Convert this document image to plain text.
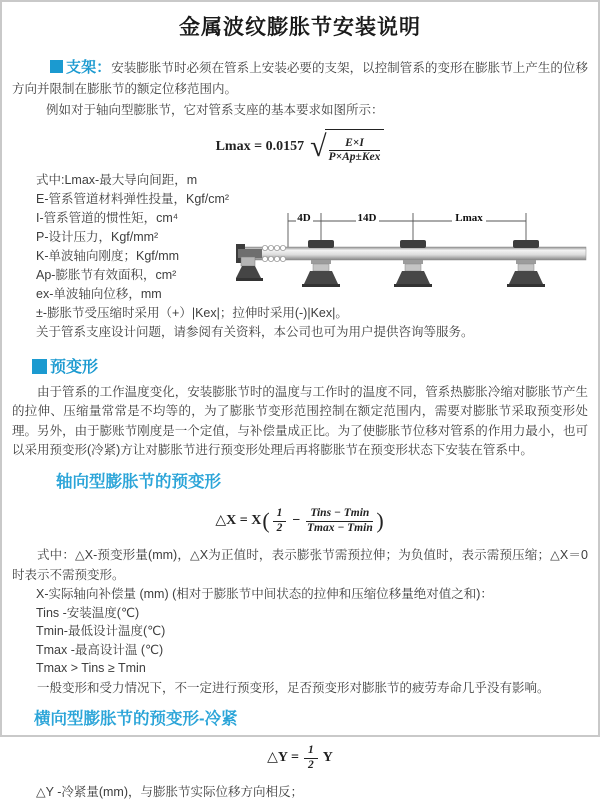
金属波纹膨胀节安装说明
支架：安装膨胀节时必须在管系上安装必要的支架，以控制管系的变形在膨胀节上产生的位移方向并限制在膨胀节的额定位移范围内。
例如对于轴向型膨胀节，它对管系支座的基本要求如图所示：
Lmax = 0.0157 √ $\frac{E\times I}{\text{P×Ap±Kex}}$
式中:Lmax-最大导向间距，m
E-管系管道材料弹性投量，Kgf/cm²
I-管系管道的惯性矩，cm⁴
P-设计压力，Kgf/mm²
K-单波轴向刚度；Kgf/mm
Ap-膨胀节有效面积，cm²
ex-单波轴向位移，mm
4D	14D	Lmax
±-膨胀节受压缩时采用（+）|Kex|；拉伸时采用(-)|Kex|。
关于管系支座设计问题，请参阅有关资料，本公司也可为用户提供咨询等服务。
预变形
由于管系的工作温度变化，安装膨胀节时的温度与工作时的温度不同，管系热膨胀冷缩对膨胀节产生的拉伸、压缩量常常是不均等的，为了膨胀节变形范围控制在额定范围内，需要对膨胀节采取预变形处理。另外，由于膨账节刚度是一个定值，与补偿量成正比。为了使膨胀节位移对管系的作用力最小，也可以采用预变形(冷紧)方让对膨胀节进行预变形处理后再将膨胀节在预变形状态下安装在管系中。
轴向型膨胀节的预变形
△X = X ( $\frac{1}{2} - \frac{\text{Tins − Tmin}}{Tmax - Tmin}$ )
式中：△X-预变形量(mm)，△X为正值时，表示膨张节需预拉伸；为负值时，表示需预压缩；△X＝0时表示不需预变形。
X-实际轴向补偿量 (mm) (相对于膨胀节中间状态的拉伸和压缩位移量绝对值之和)：
Tins -安装温度(℃)
Tmin-最低设计温度(℃)
Tmax -最高设计温 (℃)
Tmax > Tins ≥ Tmin
一般变形和受力情况下，不一定进行预变形，足否预变形对膨胀节的疲劳寿命几乎没有影响。
横向型膨胀节的预变形-冷紧
△Y = $\frac{1}{2}$ Y
△Y -冷紧量(mm)，与膨胀节实际位移方向相反；
